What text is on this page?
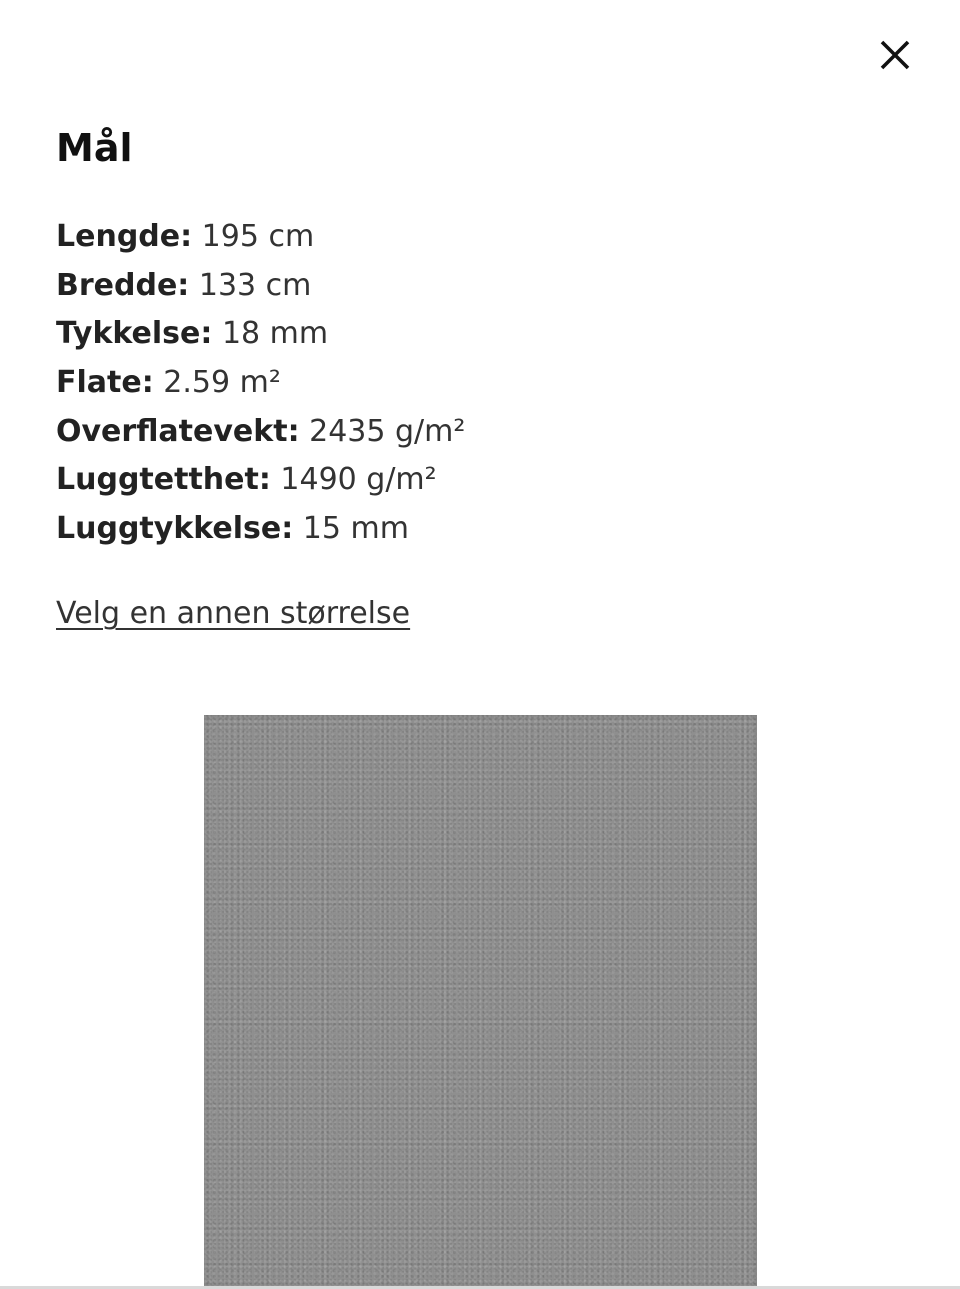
Mål
Lengde: 195 cm
Bredde: 133 cm
Tykkelse: 18 mm
Flate: 2.59 m²
Overflatevekt: 2435 g/m²
Luggtetthet: 1490 g/m²
Luggtykkelse: 15 mm
Velg en annen størrelse
